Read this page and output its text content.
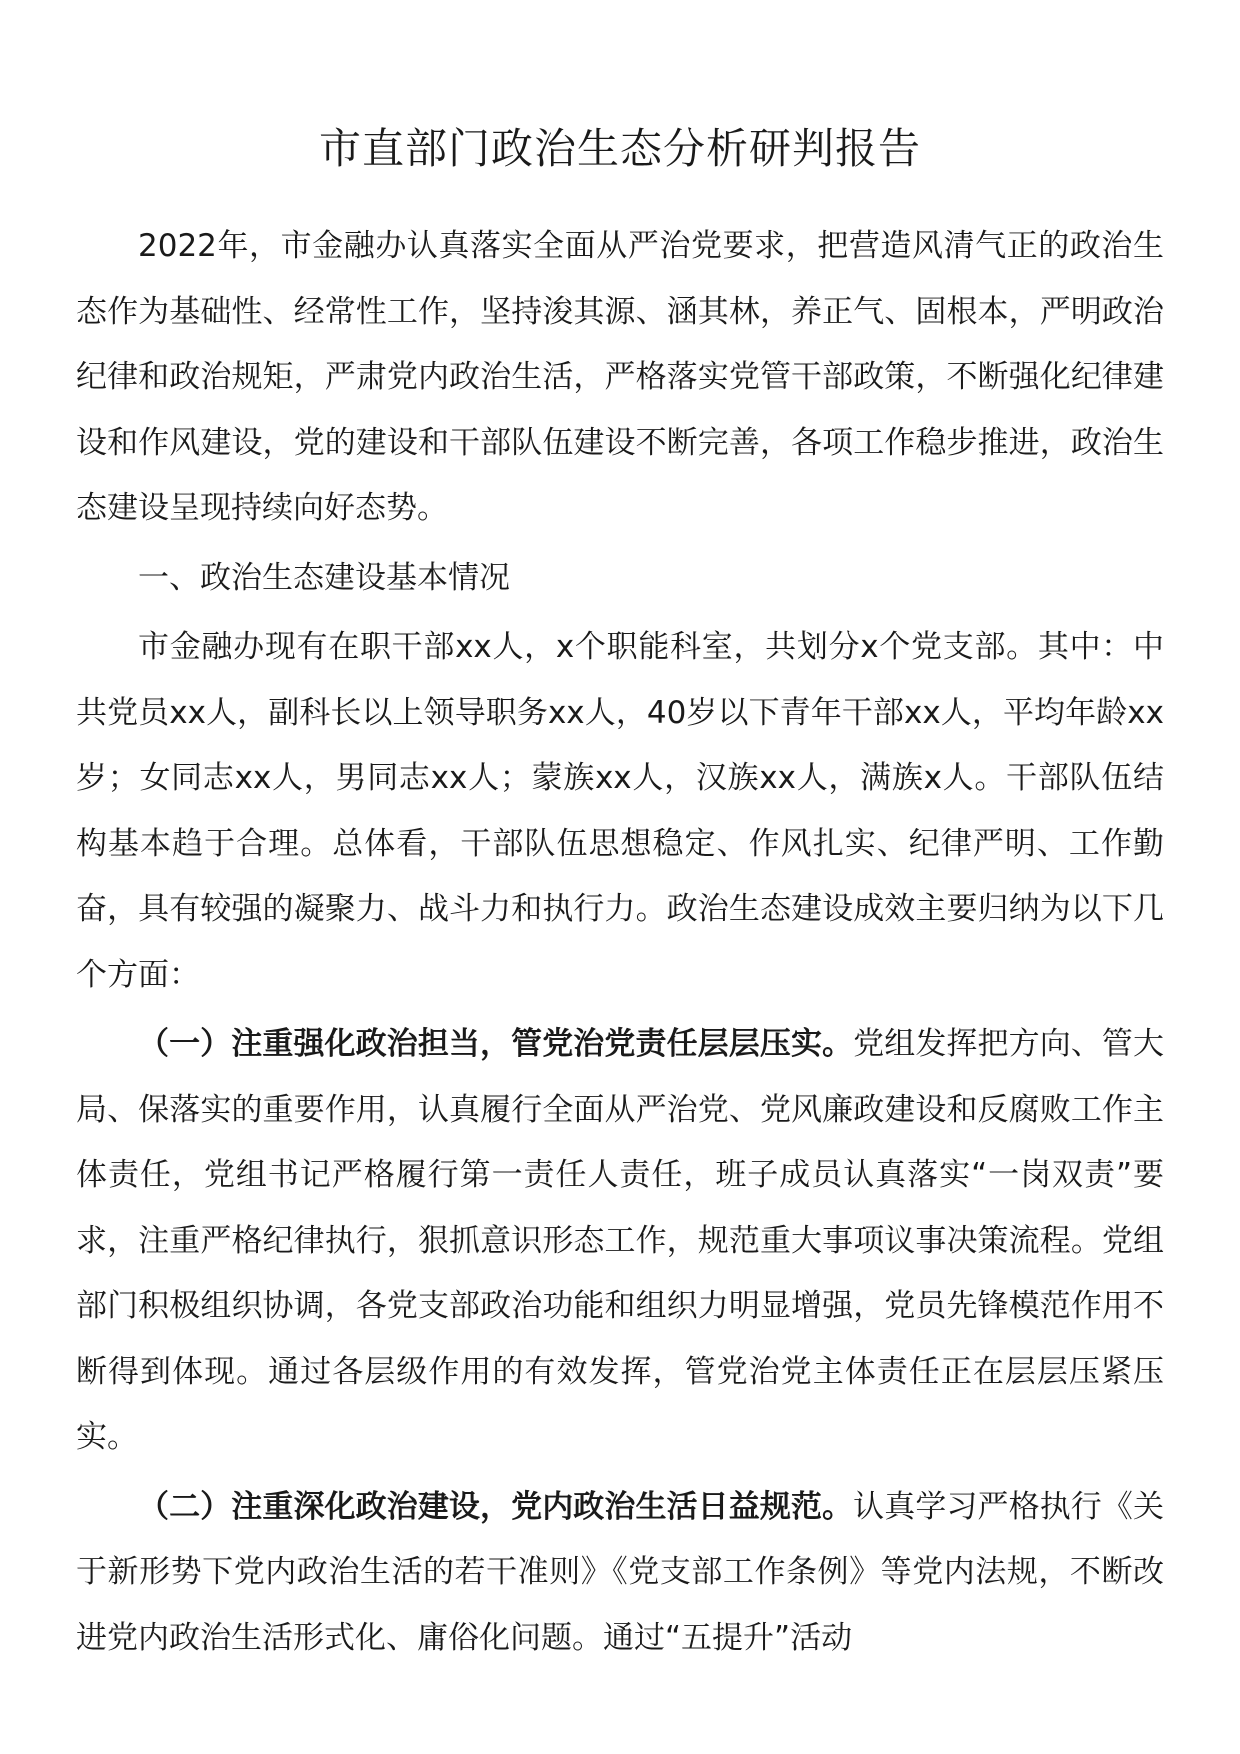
市直部门政治生态分析研判报告

2022年，市金融办认真落实全面从严治党要求，把营造风清气正的政治生态作为基础性、经常性工作，坚持浚其源、涵其林，养正气、固根本，严明政治纪律和政治规矩，严肃党内政治生活，严格落实党管干部政策，不断强化纪律建设和作风建设，党的建设和干部队伍建设不断完善，各项工作稳步推进，政治生态建设呈现持续向好态势。

一、政治生态建设基本情况

市金融办现有在职干部xx人，x个职能科室，共划分x个党支部。其中：中共党员xx人，副科长以上领导职务xx人，40岁以下青年干部xx人，平均年龄xx岁；女同志xx人，男同志xx人；蒙族xx人，汉族xx人，满族x人。干部队伍结构基本趋于合理。总体看，干部队伍思想稳定、作风扎实、纪律严明、工作勤奋，具有较强的凝聚力、战斗力和执行力。政治生态建设成效主要归纳为以下几个方面：

（一）注重强化政治担当，管党治党责任层层压实。党组发挥把方向、管大局、保落实的重要作用，认真履行全面从严治党、党风廉政建设和反腐败工作主体责任，党组书记严格履行第一责任人责任，班子成员认真落实“一岗双责”要求，注重严格纪律执行，狠抓意识形态工作，规范重大事项议事决策流程。党组部门积极组织协调，各党支部政治功能和组织力明显增强，党员先锋模范作用不断得到体现。通过各层级作用的有效发挥，管党治党主体责任正在层层压紧压实。

（二）注重深化政治建设，党内政治生活日益规范。认真学习严格执行《关于新形势下党内政治生活的若干准则》《党支部工作条例》等党内法规，不断改进党内政治生活形式化、庸俗化问题。通过“五提升”活动
